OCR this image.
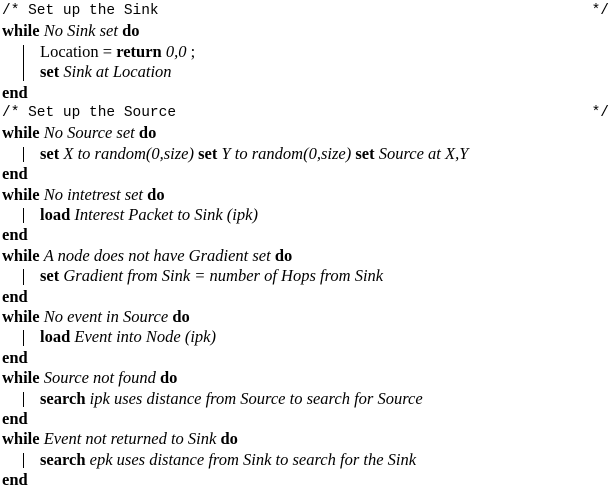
/* Set up the Sink	*/
while No Sink set do
Location = return 0,0 ;
set Sink at Location
end
/* Set up the Source	*/
while No Source set do
set X to random(0,size) set Y to random(0,size) set Source at X,Y
end
while No intetrest set do
load Interest Packet to Sink (ipk)
end
while A node does not have Gradient set do
set Gradient from Sink = number of Hops from Sink
end
while No event in Source do
load Event into Node (ipk)
end
while Source not found do
search ipk uses distance from Source to search for Source
end
while Event not returned to Sink do
search epk uses distance from Sink to search for the Sink
end
